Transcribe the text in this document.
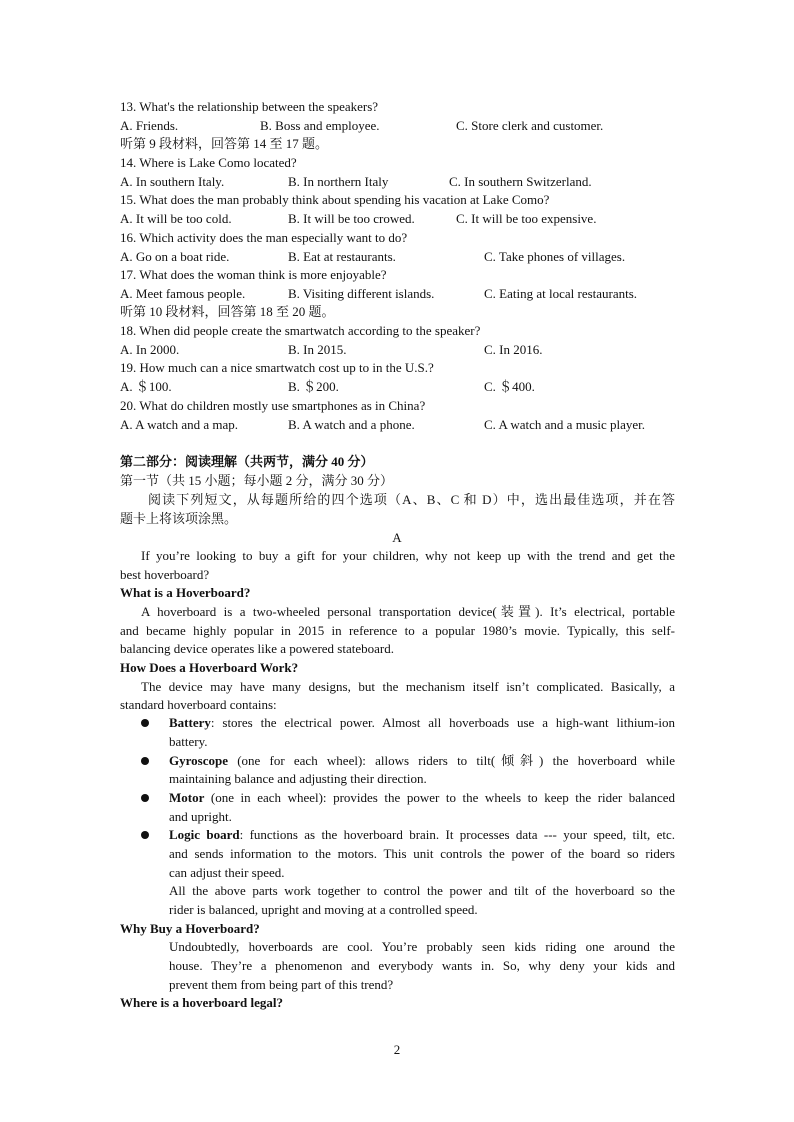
13. What's the relationship between the speakers?
A. Friends.	B. Boss and employee.	C. Store clerk and customer.
听第 9 段材料，回答第 14 至 17 题。
14. Where is Lake Como located?
A. In southern Italy.	B. In northern Italy	C. In southern Switzerland.
15. What does the man probably think about spending his vacation at Lake Como?
A. It will be too cold.	B. It will be too crowed.	C. It will be too expensive.
16. Which activity does the man especially want to do?
A. Go on a boat ride.	B. Eat at restaurants.	C. Take phones of villages.
17. What does the woman think is more enjoyable?
A. Meet famous people.	B. Visiting different islands.	C. Eating at local restaurants.
听第 10 段材料，回答第 18 至 20 题。
18. When did people create the smartwatch according to the speaker?
A. In 2000.	B. In 2015.	C. In 2016.
19. How much can a nice smartwatch cost up to in the U.S.?
A. ＄100.	B. ＄200.	C. ＄400.
20. What do children mostly use smartphones as in China?
A. A watch and a map.	B. A watch and a phone.	C. A watch and a music player.
第二部分：阅读理解（共两节，满分 40 分）
第一节（共 15 小题；每小题 2 分，满分 30 分）
阅读下列短文，从每题所给的四个选项（A、B、C 和 D）中，选出最佳选项，并在答
题卡上将该项涂黑。
A
If you’re looking to buy a gift for your children, why not keep up with the trend and get the
best hoverboard?
What is a Hoverboard?
A hoverboard is a two-wheeled personal transportation device(装置). It’s electrical, portable
and became highly popular in 2015 in reference to a popular 1980’s movie. Typically, this self-
balancing device operates like a powered stateboard.
How Does a Hoverboard Work?
The device may have many designs, but the mechanism itself isn’t complicated. Basically, a
standard hoverboard contains:
Battery: stores the electrical power. Almost all hoverboads use a high-want lithium-ion
battery.
Gyroscope (one for each wheel): allows riders to tilt(倾斜) the hoverboard while
maintaining balance and adjusting their direction.
Motor (one in each wheel): provides the power to the wheels to keep the rider balanced
and upright.
Logic board: functions as the hoverboard brain. It processes data --- your speed, tilt, etc.
and sends information to the motors. This unit controls the power of the board so riders
can adjust their speed.
All the above parts work together to control the power and tilt of the hoverboard so the
rider is balanced, upright and moving at a controlled speed.
Why Buy a Hoverboard?
Undoubtedly, hoverboards are cool. You’re probably seen kids riding one around the
house. They’re a phenomenon and everybody wants in. So, why deny your kids and
prevent them from being part of this trend?
Where is a hoverboard legal?
2
